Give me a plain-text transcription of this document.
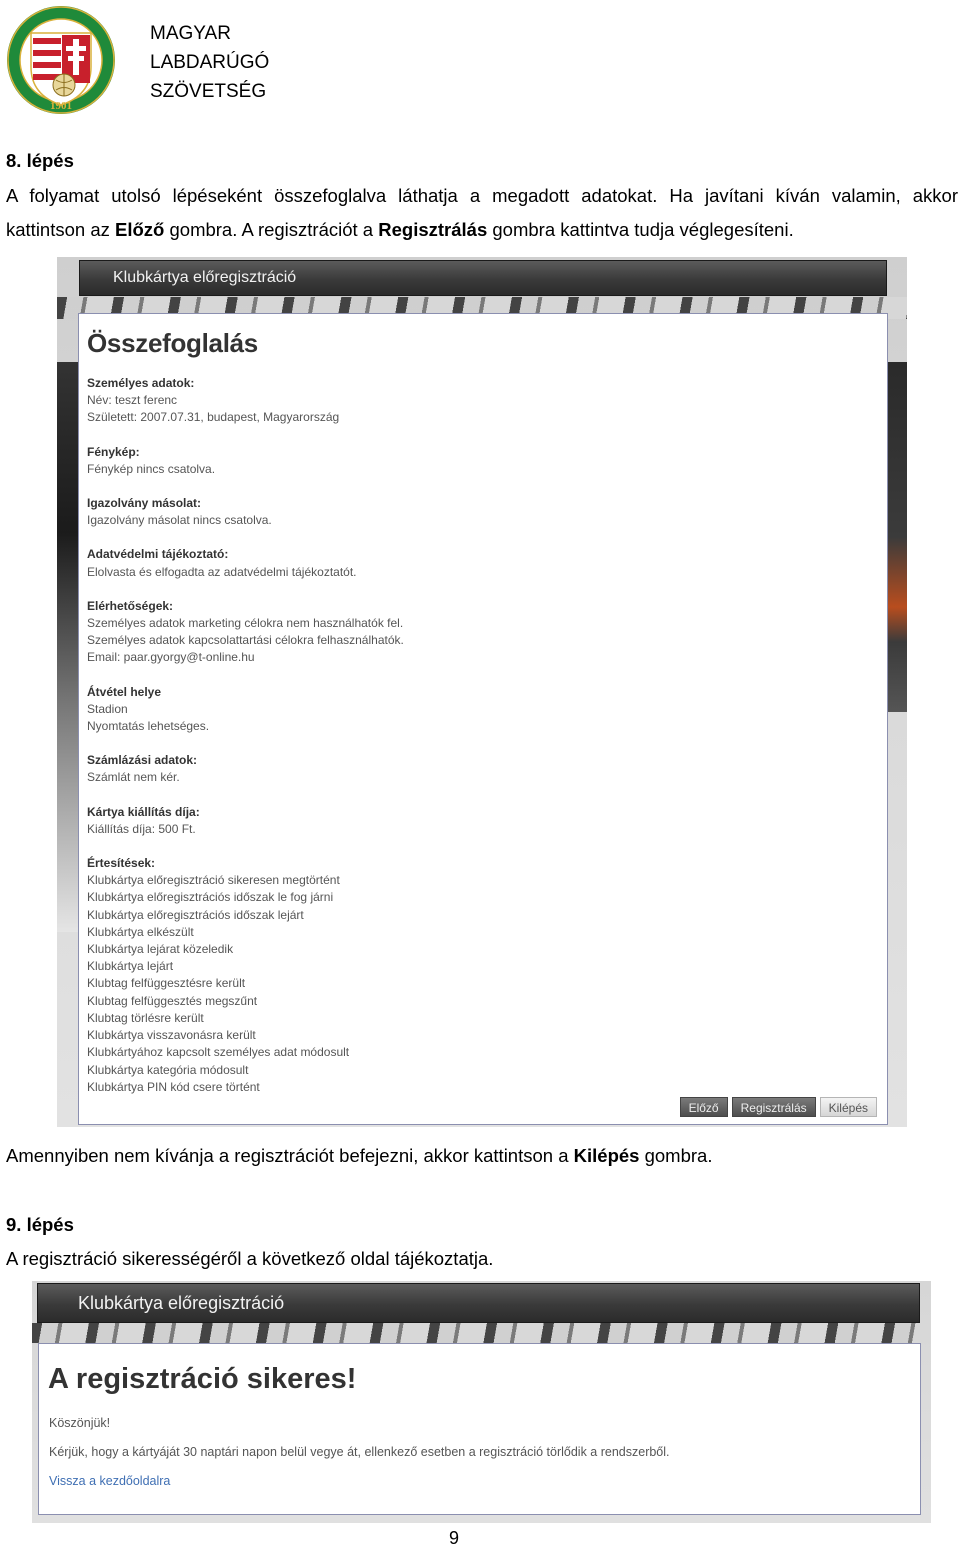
1901
MAGYAR
LABDARÚGÓ
SZÖVETSÉG
8. lépés
A folyamat utolsó lépéseként összefoglalva láthatja a megadott adatokat. Ha javítani kíván valamin, akkor
kattintson az Előző gombra. A regisztrációt a Regisztrálás gombra kattintva tudja véglegesíteni.
Klubkártya előregisztráció
Összefoglalás
Személyes adatok:
Név: teszt ferenc
Született: 2007.07.31, budapest, Magyarország
Fénykép:
Fénykép nincs csatolva.
Igazolvány másolat:
Igazolvány másolat nincs csatolva.
Adatvédelmi tájékoztató:
Elolvasta és elfogadta az adatvédelmi tájékoztatót.
Elérhetőségek:
Személyes adatok marketing célokra nem használhatók fel.
Személyes adatok kapcsolattartási célokra felhasználhatók.
Email: paar.gyorgy@t-online.hu
Átvétel helye
Stadion
Nyomtatás lehetséges.
Számlázási adatok:
Számlát nem kér.
Kártya kiállítás díja:
Kiállítás díja: 500 Ft.
Értesítések:
Klubkártya előregisztráció sikeresen megtörtént
Klubkártya előregisztrációs időszak le fog járni
Klubkártya előregisztrációs időszak lejárt
Klubkártya elkészült
Klubkártya lejárat közeledik
Klubkártya lejárt
Klubtag felfüggesztésre került
Klubtag felfüggesztés megszűnt
Klubtag törlésre került
Klubkártya visszavonásra került
Klubkártyához kapcsolt személyes adat módosult
Klubkártya kategória módosult
Klubkártya PIN kód csere történt
Előző	Regisztrálás	Kilépés
Amennyiben nem kívánja a regisztrációt befejezni, akkor kattintson a Kilépés gombra.
9. lépés
A regisztráció sikerességéről a következő oldal tájékoztatja.
Klubkártya előregisztráció
A regisztráció sikeres!
Köszönjük!
Kérjük, hogy a kártyáját 30 naptári napon belül vegye át, ellenkező esetben a regisztráció törlődik a rendszerből.
Vissza a kezdőoldalra
9
